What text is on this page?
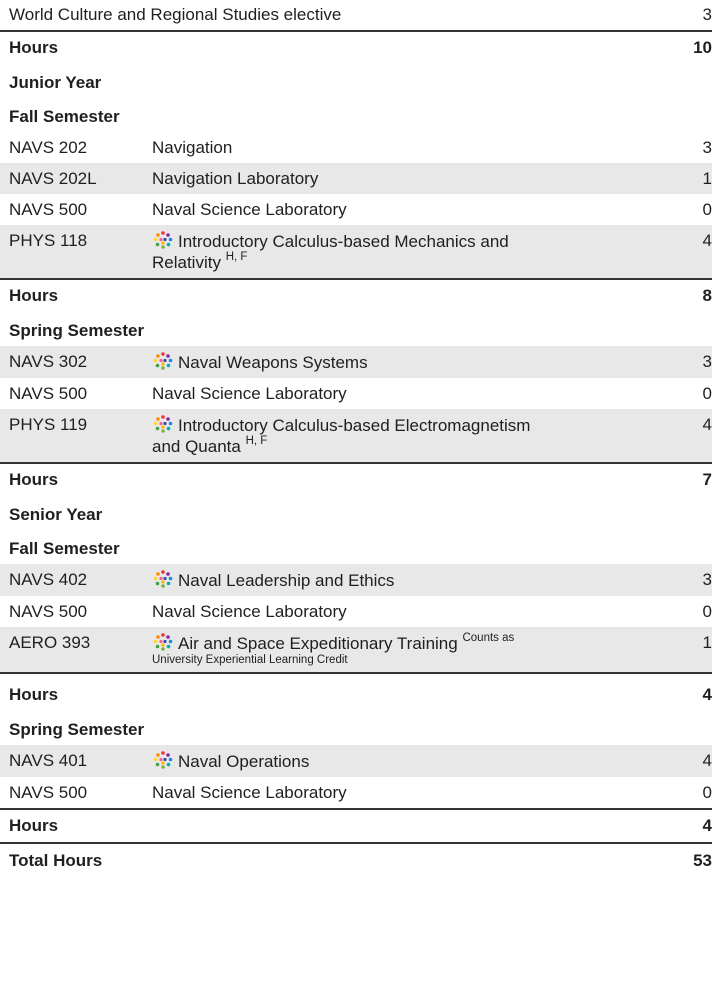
World Culture and Regional Studies elective		3
Hours		10
Junior Year		
Fall Semester		
NAVS 202	Navigation	3
NAVS 202L	Navigation Laboratory	1
NAVS 500	Naval Science Laboratory	0
PHYS 118	Introductory Calculus-based Mechanics and
Relativity $^{H, F}$	4
Hours		8
Spring Semester		
NAVS 302	Naval Weapons Systems	3
NAVS 500	Naval Science Laboratory	0
PHYS 119	Introductory Calculus-based Electromagnetism
and Quanta $^{H, F}$	4
Hours		7
Senior Year		
Fall Semester		
NAVS 402	Naval Leadership and Ethics	3
NAVS 500	Naval Science Laboratory	0
AERO 393	Air and Space Expeditionary Training $^{Counts as}$
University Experiential Learning Credit	1
Hours		4
Spring Semester		
NAVS 401	Naval Operations	4
NAVS 500	Naval Science Laboratory	0
Hours		4
Total Hours		53
